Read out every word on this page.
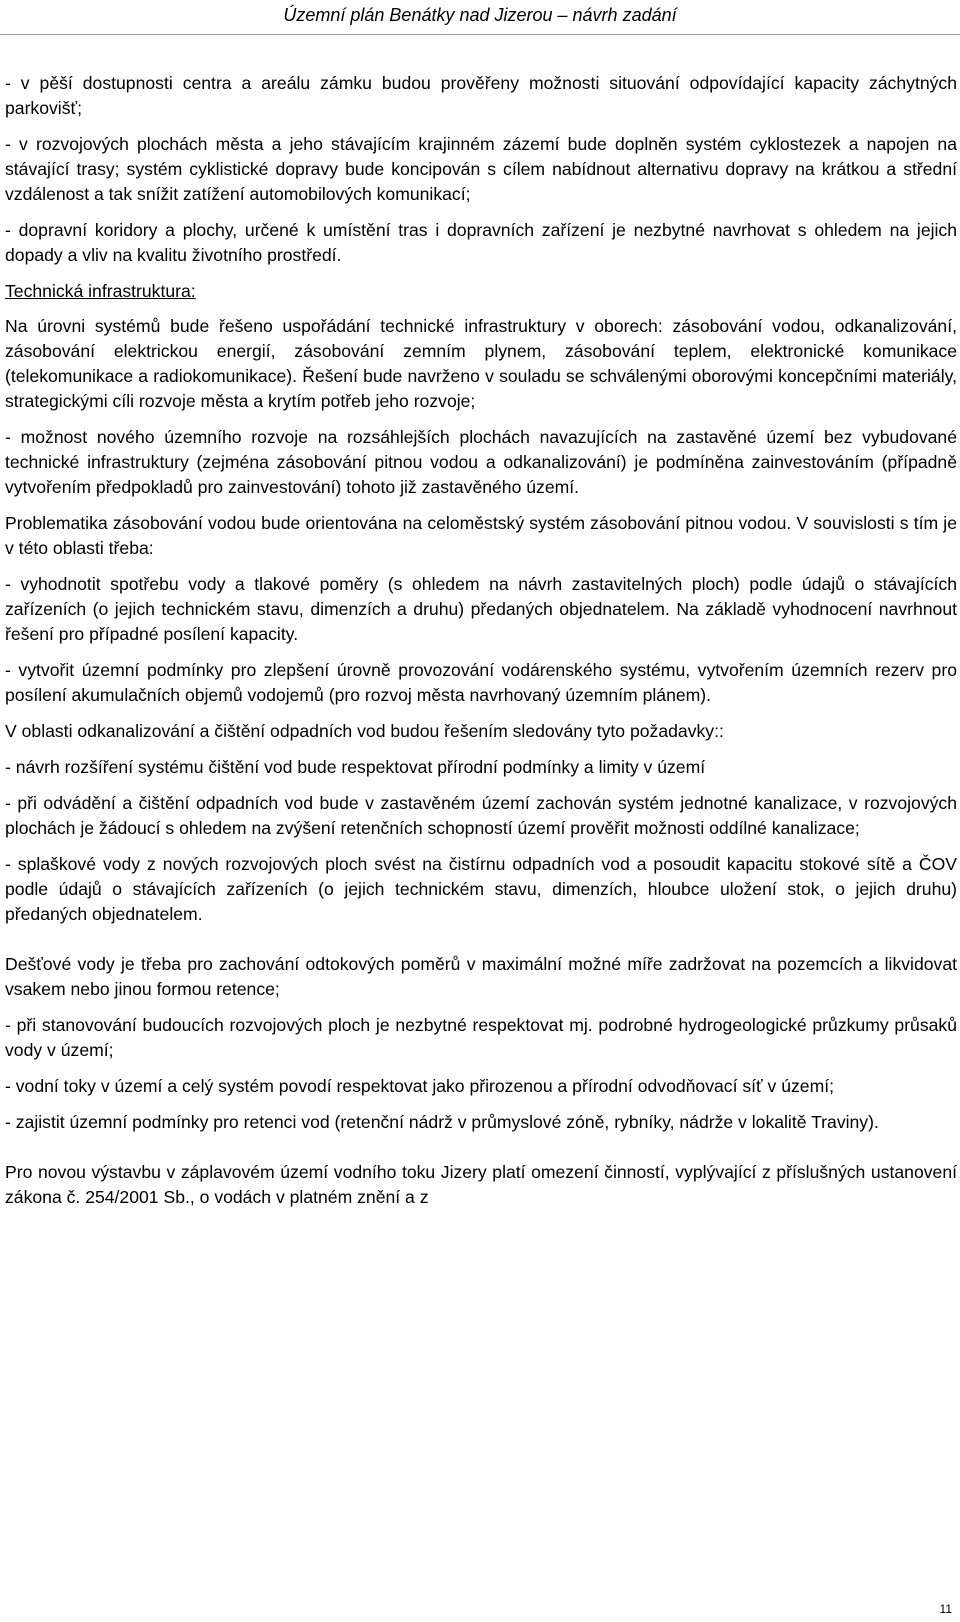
Územní plán Benátky nad Jizerou – návrh zadání

- v pěší dostupnosti centra a areálu zámku budou prověřeny možnosti situování odpovídající kapacity záchytných parkovišť;

- v rozvojových plochách města a jeho stávajícím krajinném zázemí bude doplněn systém cyklostezek a napojen na stávající trasy; systém cyklistické dopravy bude koncipován s cílem nabídnout alternativu dopravy na krátkou a střední vzdálenost a tak snížit zatížení automobilových komunikací;

- dopravní koridory a plochy, určené k umístění tras i dopravních zařízení je nezbytné navrhovat s ohledem na jejich dopady a vliv na kvalitu životního prostředí.

Technická infrastruktura:

Na úrovni systémů bude řešeno uspořádání technické infrastruktury v oborech: zásobování vodou, odkanalizování, zásobování elektrickou energií, zásobování zemním plynem, zásobování teplem, elektronické komunikace (telekomunikace a radiokomunikace). Řešení bude navrženo v souladu se schválenými oborovými koncepčními materiály, strategickými cíli rozvoje města a krytím potřeb jeho rozvoje;

- možnost nového územního rozvoje na rozsáhlejších plochách navazujících na zastavěné území bez vybudované technické infrastruktury (zejména zásobování pitnou vodou a odkanalizování) je podmíněna zainvestováním (případně vytvořením předpokladů pro zainvestování) tohoto již zastavěného území.

Problematika zásobování vodou bude orientována na celoměstský systém zásobování pitnou vodou. V souvislosti s tím je v této oblasti třeba:

- vyhodnotit spotřebu vody a tlakové poměry (s ohledem na návrh zastavitelných ploch) podle údajů o stávajících zařízeních (o jejich technickém stavu, dimenzích a druhu) předaných objednatelem. Na základě vyhodnocení navrhnout řešení pro případné posílení kapacity.

- vytvořit územní podmínky pro zlepšení úrovně provozování vodárenského systému, vytvořením územních rezerv pro posílení akumulačních objemů vodojemů (pro rozvoj města navrhovaný územním plánem).

V oblasti odkanalizování a čištění odpadních vod budou řešením sledovány tyto požadavky::

- návrh rozšíření systému čištění vod bude respektovat přírodní podmínky a limity v území

- při odvádění a čištění odpadních vod bude v zastavěném území zachován systém jednotné kanalizace, v rozvojových plochách je žádoucí s ohledem na zvýšení retenčních schopností území prověřit možnosti oddílné kanalizace;

- splaškové vody z nových rozvojových ploch svést na čistírnu odpadních vod a posoudit kapacitu stokové sítě a ČOV podle údajů o stávajících zařízeních (o jejich technickém stavu, dimenzích, hloubce uložení stok, o jejich druhu) předaných objednatelem.

Dešťové vody je třeba pro zachování odtokových poměrů v maximální možné míře zadržovat na pozemcích a likvidovat vsakem nebo jinou formou retence;

- při stanovování budoucích rozvojových ploch je nezbytné respektovat mj. podrobné hydrogeologické průzkumy průsaků vody v území;

- vodní toky v území a celý systém povodí respektovat jako přirozenou a přírodní odvodňovací síť v území;

- zajistit územní podmínky pro retenci vod (retenční nádrž v průmyslové zóně, rybníky, nádrže v lokalitě Traviny).

Pro novou výstavbu v záplavovém území vodního toku Jizery platí omezení činností, vyplývající z příslušných ustanovení zákona č. 254/2001 Sb., o vodách v platném znění a z

11
